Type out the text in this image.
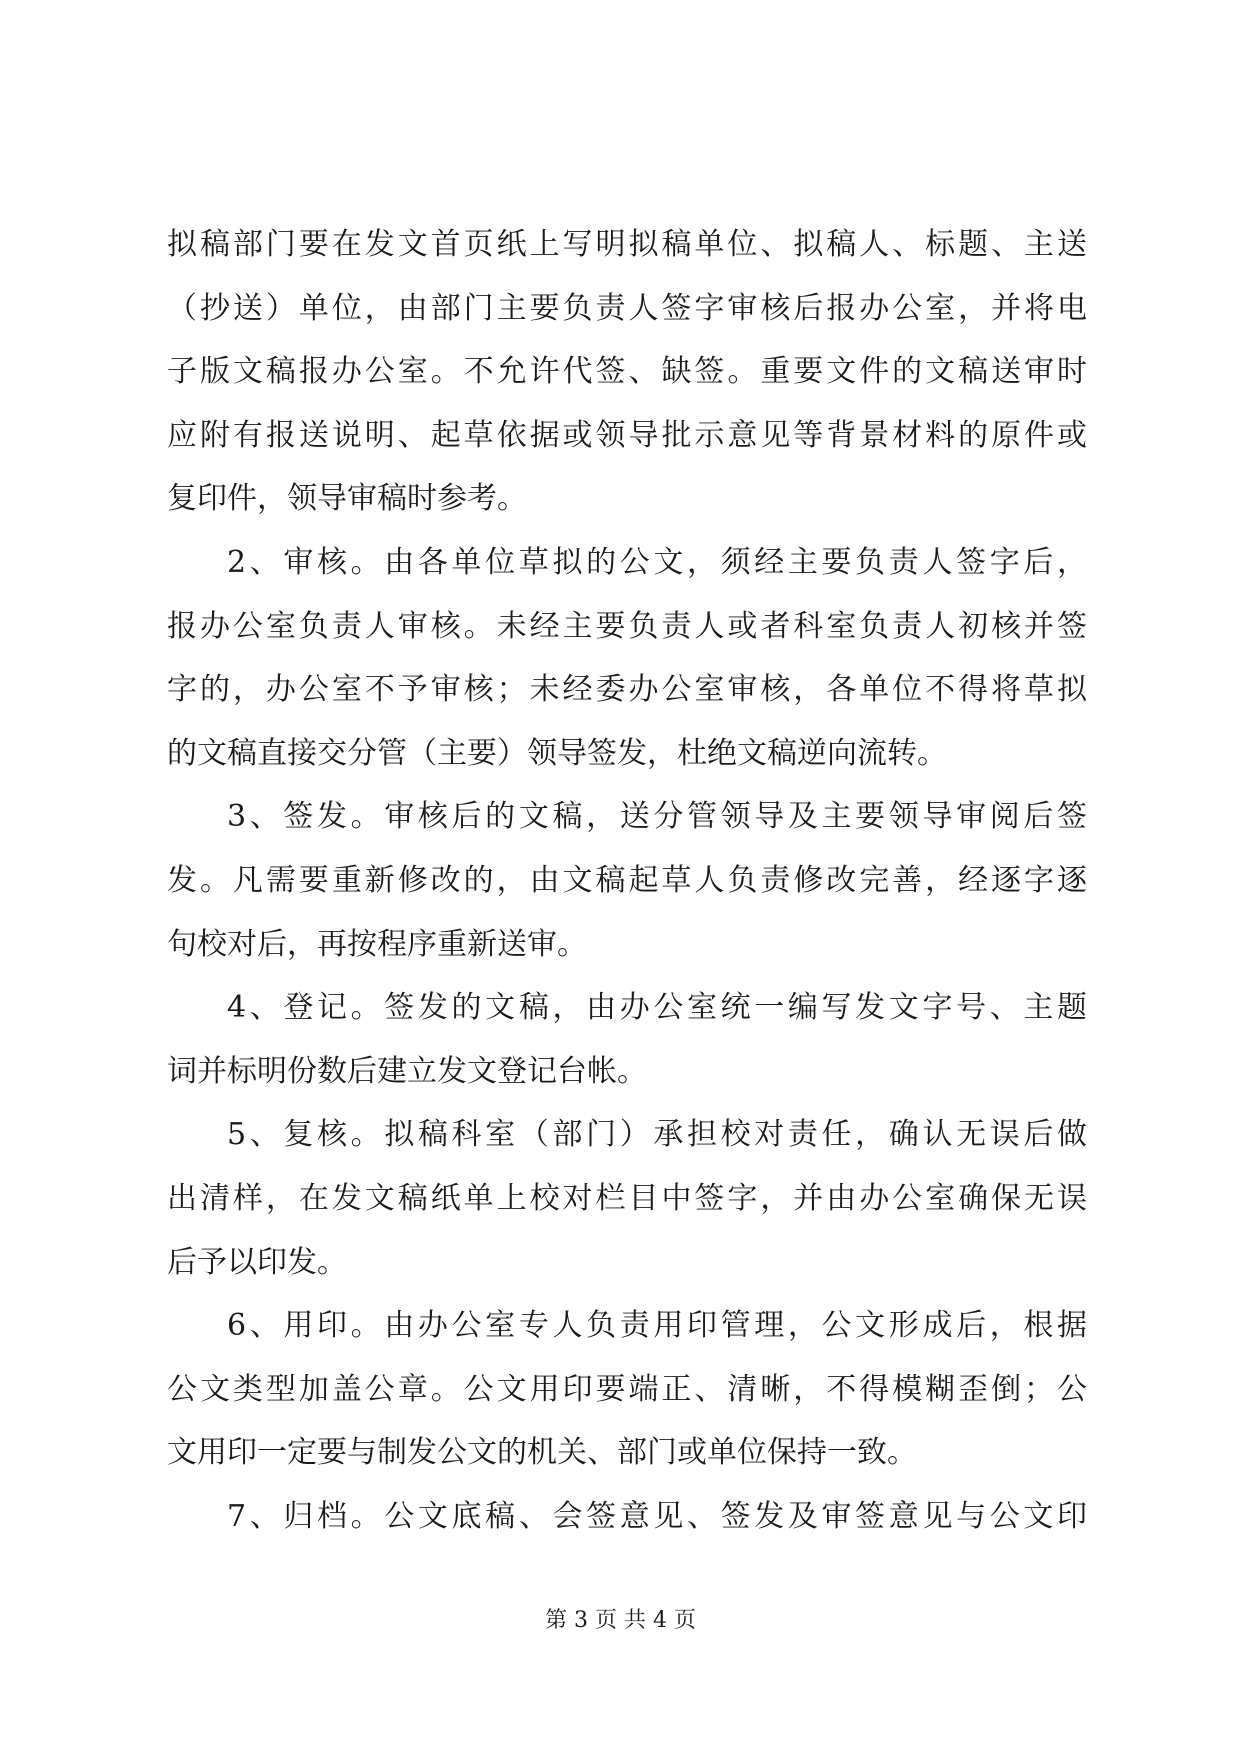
拟稿部门要在发文首页纸上写明拟稿单位、拟稿人、标题、主送
（抄送）单位，由部门主要负责人签字审核后报办公室，并将电
子版文稿报办公室。不允许代签、缺签。重要文件的文稿送审时
应附有报送说明、起草依据或领导批示意见等背景材料的原件或
复印件，领导审稿时参考。
2、审核。由各单位草拟的公文，须经主要负责人签字后，
报办公室负责人审核。未经主要负责人或者科室负责人初核并签
字的，办公室不予审核；未经委办公室审核，各单位不得将草拟
的文稿直接交分管（主要）领导签发，杜绝文稿逆向流转。
3、签发。审核后的文稿，送分管领导及主要领导审阅后签
发。凡需要重新修改的，由文稿起草人负责修改完善，经逐字逐
句校对后，再按程序重新送审。
4、登记。签发的文稿，由办公室统一编写发文字号、主题
词并标明份数后建立发文登记台帐。
5、复核。拟稿科室（部门）承担校对责任，确认无误后做
出清样，在发文稿纸单上校对栏目中签字，并由办公室确保无误
后予以印发。
6、用印。由办公室专人负责用印管理，公文形成后，根据
公文类型加盖公章。公文用印要端正、清晰，不得模糊歪倒；公
文用印一定要与制发公文的机关、部门或单位保持一致。
7、归档。公文底稿、会签意见、签发及审签意见与公文印
第 3 页 共 4 页
